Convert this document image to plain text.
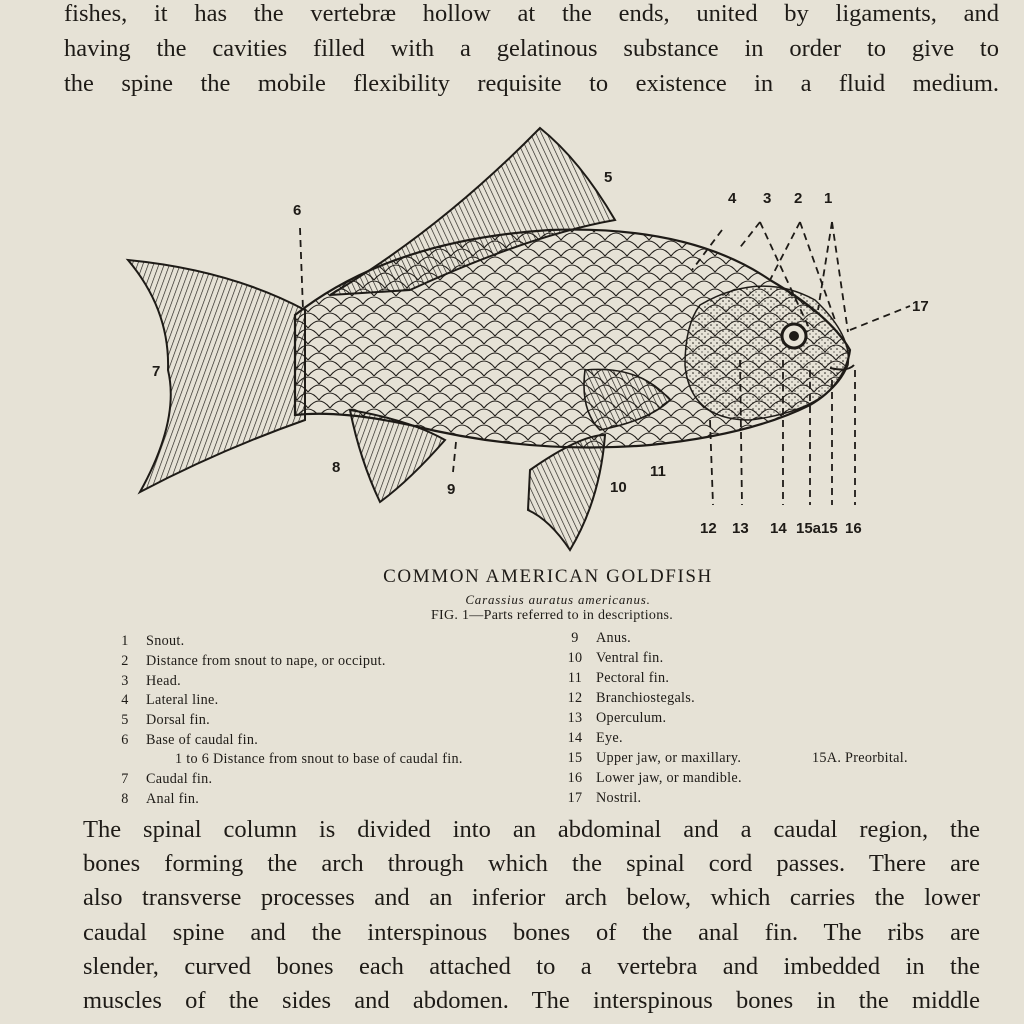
fishes, it has the vertebræ hollow at the ends, united by ligaments, and
having the cavities filled with a gelatinous substance in order to give to
the spine the mobile flexibility requisite to existence in a fluid medium.
1
2
3
4
5
6
7
8
9	10
11
12 13 14 15a 15 16
17
COMMON AMERICAN GOLDFISH
Carassius auratus americanus.
FIG. 1—Parts referred to in descriptions.
1	Snout.
2	Distance from snout to nape, or occiput.
3	Head.
4	Lateral line.
5	Dorsal fin.
6	Base of caudal fin.
1 to 6 Distance from snout to base of caudal fin.
7	Caudal fin.
8	Anal fin.
9	Anus.
10 Ventral fin.
11 Pectoral fin.
12 Branchiostegals.
13 Operculum.
14 Eye.
15 Upper jaw, or maxillary.	15A. Preorbital.
16 Lower jaw, or mandible.
17 Nostril.
The spinal column is divided into an abdominal and a caudal region, the
bones forming the arch through which the spinal cord passes. There are
also transverse processes and an inferior arch below, which carries the lower
caudal spine and the interspinous bones of the anal fin. The ribs are
slender, curved bones each attached to a vertebra and imbedded in the
muscles of the sides and abdomen. The interspinous bones in the middle
